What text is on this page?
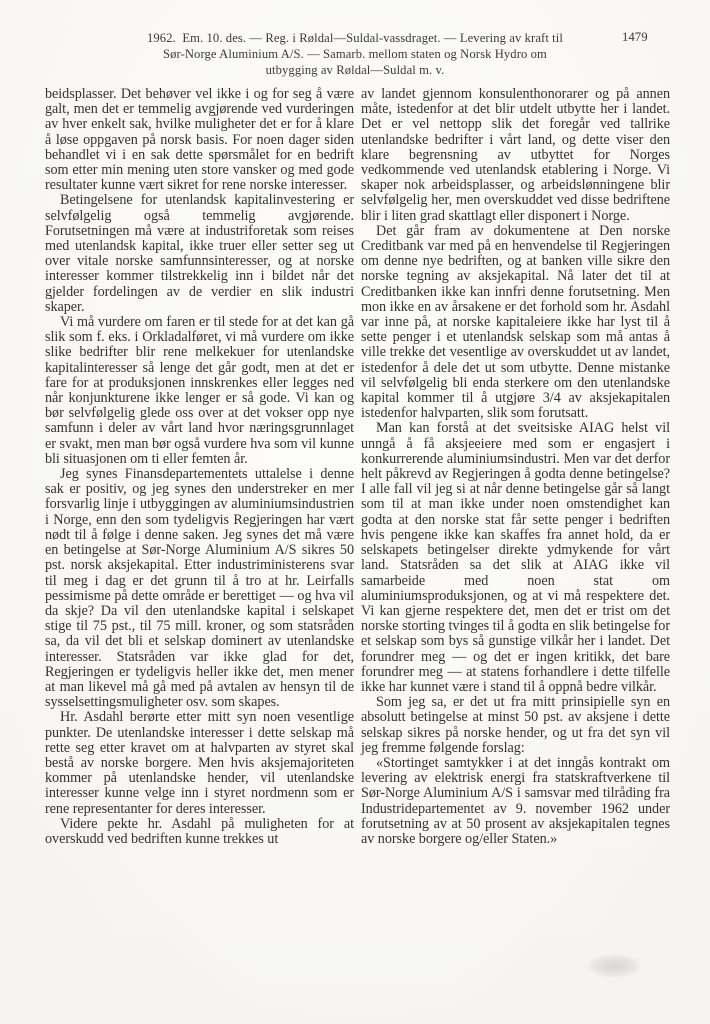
1962.  Em. 10. des. — Reg. i Røldal—Suldal-vassdraget. — Levering av kraft til
Sør-Norge Aluminium A/S. — Samarb. mellom staten og Norsk Hydro om
utbygging av Røldal—Suldal m. v.
1479

beidsplasser. Det behøver vel ikke i og for seg å være galt, men det er temmelig avgjørende ved vurderingen av hver enkelt sak, hvilke muligheter det er for å klare å løse oppgaven på norsk basis. For noen dager siden behandlet vi i en sak dette spørsmålet for en bedrift som etter min mening uten store vansker og med gode resultater kunne vært sikret for rene norske interesser.

Betingelsene for utenlandsk kapitalinvestering er selvfølgelig også temmelig avgjørende. Forutsetningen må være at industriforetak som reises med utenlandsk kapital, ikke truer eller setter seg ut over vitale norske samfunnsinteresser, og at norske interesser kommer tilstrekkelig inn i bildet når det gjelder fordelingen av de verdier en slik industri skaper.

Vi må vurdere om faren er til stede for at det kan gå slik som f. eks. i Orkladalføret, vi må vurdere om ikke slike bedrifter blir rene melkekuer for utenlandske kapitalinteresser så lenge det går godt, men at det er fare for at produksjonen innskrenkes eller legges ned når konjunkturene ikke lenger er så gode. Vi kan og bør selvfølgelig glede oss over at det vokser opp nye samfunn i deler av vårt land hvor næringsgrunnlaget er svakt, men man bør også vurdere hva som vil kunne bli situasjonen om ti eller femten år.

Jeg synes Finansdepartementets uttalelse i denne sak er positiv, og jeg synes den understreker en mer forsvarlig linje i utbyggingen av aluminiumsindustrien i Norge, enn den som tydeligvis Regjeringen har vært nødt til å følge i denne saken. Jeg synes det må være en betingelse at Sør-Norge Aluminium A/S sikres 50 pst. norsk aksjekapital. Etter industriministerens svar til meg i dag er det grunn til å tro at hr. Leirfalls pessimisme på dette område er berettiget — og hva vil da skje? Da vil den utenlandske kapital i selskapet stige til 75 pst., til 75 mill. kroner, og som statsråden sa, da vil det bli et selskap dominert av utenlandske interesser. Statsråden var ikke glad for det, Regjeringen er tydeligvis heller ikke det, men mener at man likevel må gå med på avtalen av hensyn til de sysselsettingsmuligheter osv. som skapes.

Hr. Asdahl berørte etter mitt syn noen vesentlige punkter. De utenlandske interesser i dette selskap må rette seg etter kravet om at halvparten av styret skal bestå av norske borgere. Men hvis aksjemajoriteten kommer på utenlandske hender, vil utenlandske interesser kunne velge inn i styret nordmenn som er rene representanter for deres interesser.

Videre pekte hr. Asdahl på muligheten for at overskudd ved bedriften kunne trekkes ut

av landet gjennom konsulenthonorarer og på annen måte, istedenfor at det blir utdelt utbytte her i landet. Det er vel nettopp slik det foregår ved tallrike utenlandske bedrifter i vårt land, og dette viser den klare begrensning av utbyttet for Norges vedkommende ved utenlandsk etablering i Norge. Vi skaper nok arbeidsplasser, og arbeidslønningene blir selvfølgelig her, men overskuddet ved disse bedriftene blir i liten grad skattlagt eller disponert i Norge.

Det går fram av dokumentene at Den norske Creditbank var med på en henvendelse til Regjeringen om denne nye bedriften, og at banken ville sikre den norske tegning av aksjekapital. Nå later det til at Creditbanken ikke kan innfri denne forutsetning. Men mon ikke en av årsakene er det forhold som hr. Asdahl var inne på, at norske kapitaleiere ikke har lyst til å sette penger i et utenlandsk selskap som må antas å ville trekke det vesentlige av overskuddet ut av landet, istedenfor å dele det ut som utbytte. Denne mistanke vil selvfølgelig bli enda sterkere om den utenlandske kapital kommer til å utgjøre 3/4 av aksjekapitalen istedenfor halvparten, slik som forutsatt.

Man kan forstå at det sveitsiske AIAG helst vil unngå å få aksjeeiere med som er engasjert i konkurrerende aluminiumsindustri. Men var det derfor helt påkrevd av Regjeringen å godta denne betingelse? I alle fall vil jeg si at når denne betingelse går så langt som til at man ikke under noen omstendighet kan godta at den norske stat får sette penger i bedriften hvis pengene ikke kan skaffes fra annet hold, da er selskapets betingelser direkte ydmykende for vårt land. Statsråden sa det slik at AIAG ikke vil samarbeide med noen stat om aluminiumsproduksjonen, og at vi må respektere det. Vi kan gjerne respektere det, men det er trist om det norske storting tvinges til å godta en slik betingelse for et selskap som bys så gunstige vilkår her i landet. Det forundrer meg — og det er ingen kritikk, det bare forundrer meg — at statens forhandlere i dette tilfelle ikke har kunnet være i stand til å oppnå bedre vilkår.

Som jeg sa, er det ut fra mitt prinsipielle syn en absolutt betingelse at minst 50 pst. av aksjene i dette selskap sikres på norske hender, og ut fra det syn vil jeg fremme følgende forslag:

«Stortinget samtykker i at det inngås kontrakt om levering av elektrisk energi fra statskraftverkene til Sør-Norge Aluminium A/S i samsvar med tilråding fra Industridepartementet av 9. november 1962 under forutsetning av at 50 prosent av aksjekapitalen tegnes av norske borgere og/eller Staten.»
